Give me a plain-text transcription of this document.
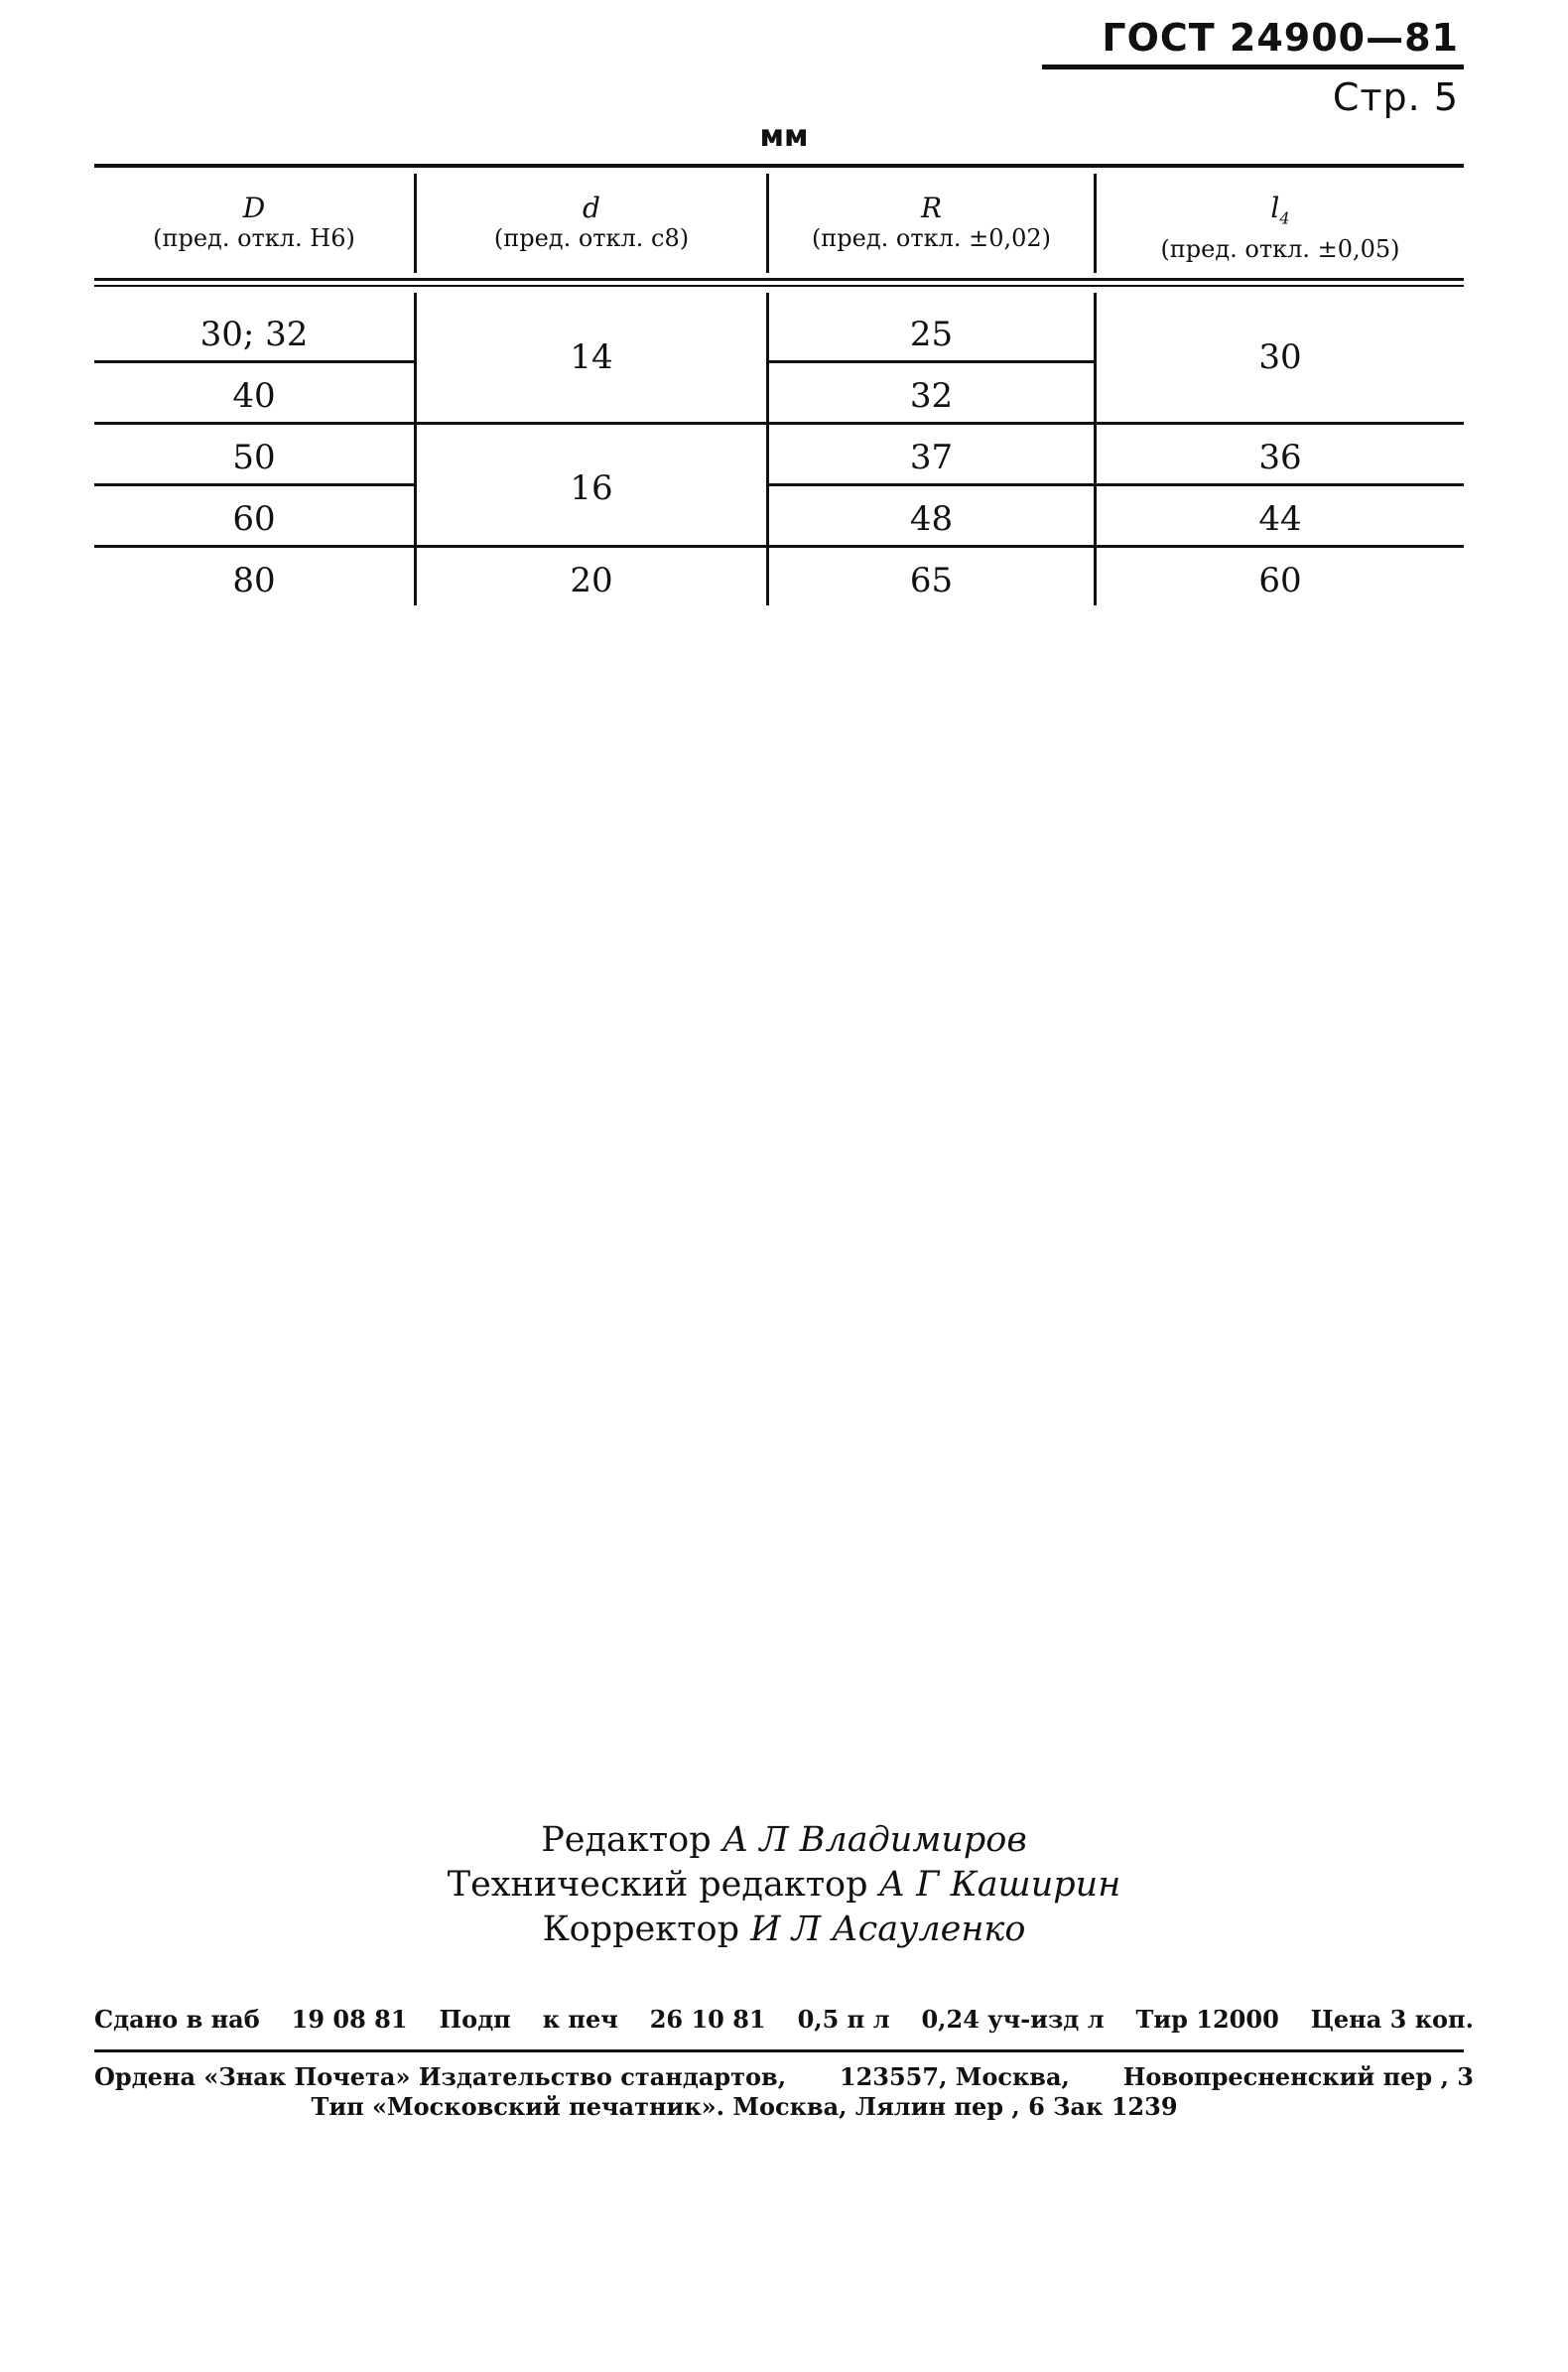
ГОСТ 24900—81 Стр. 5
мм
D
(пред. откл. H6)
d
(пред. откл. c8)
R
(пред. откл. ±0,02)
$l_4$
(пред. откл. ±0,05)
30; 32
40
50
60
80
14
16
20
25
32
37
48
65
30
36
44
60
Редактор А Л Владимиров
Технический редактор А Г Каширин
Корректор И Л Асауленко
Сдано в наб 19 08 81 Подп к печ 26 10 81 0,5 п л 0,24 уч-изд л Тир 12000 Цена 3 коп.
Ордена «Знак Почета» Издательство стандартов, 123557, Москва, Новопресненский пер , 3
Тип «Московский печатник». Москва, Лялин пер , 6 Зак 1239
